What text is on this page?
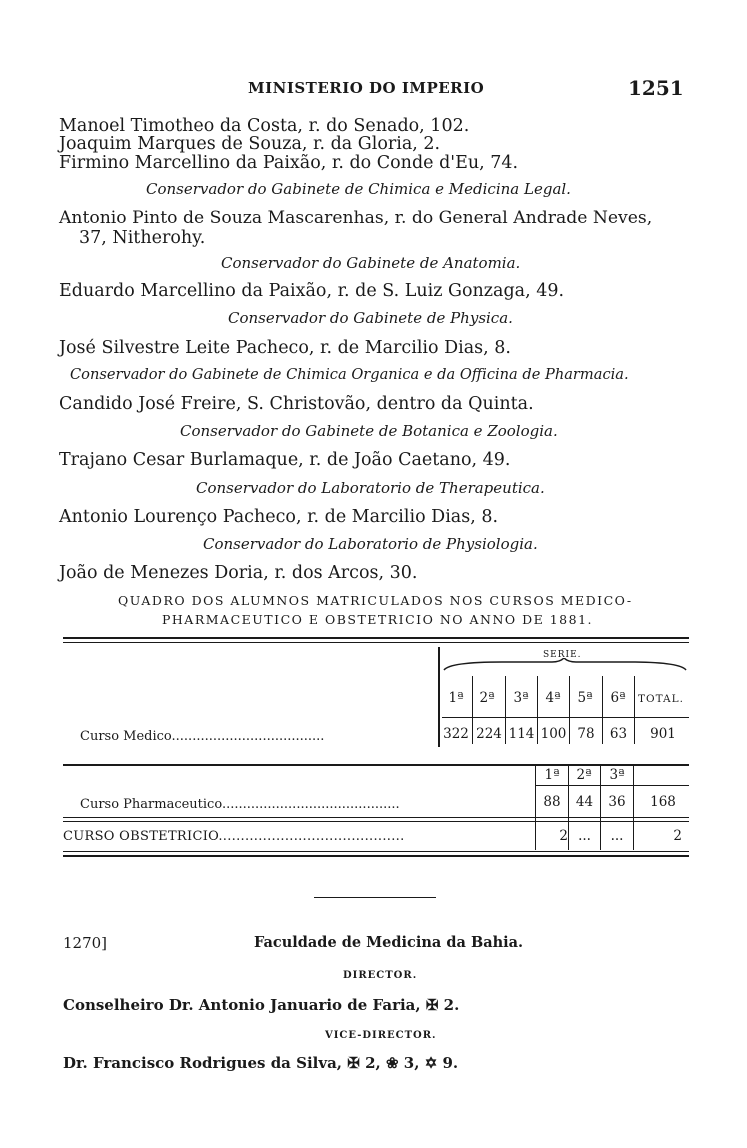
MINISTERIO DO IMPERIO	1251
Manoel Timotheo da Costa, r. do Senado, 102.
Joaquim Marques de Souza, r. da Gloria, 2.
Firmino Marcellino da Paixão, r. do Conde d'Eu, 74.
Conservador do Gabinete de Chimica e Medicina Legal.
Antonio Pinto de Souza Mascarenhas, r. do General Andrade Neves,
37, Nitherohy.
Conservador do Gabinete de Anatomia.
Eduardo Marcellino da Paixão, r. de S. Luiz Gonzaga, 49.
Conservador do Gabinete de Physica.
José Silvestre Leite Pacheco, r. de Marcilio Dias, 8.
Conservador do Gabinete de Chimica Organica e da Officina de Pharmacia.
Candido José Freire, S. Christovão, dentro da Quinta.
Conservador do Gabinete de Botanica e Zoologia.
Trajano Cesar Burlamaque, r. de João Caetano, 49.
Conservador do Laboratorio de Therapeutica.
Antonio Lourenço Pacheco, r. de Marcilio Dias, 8.
Conservador do Laboratorio de Physiologia.
João de Menezes Doria, r. dos Arcos, 30.
QUADRO DOS ALUMNOS MATRICULADOS NOS CURSOS MEDICO-
PHARMACEUTICO E OBSTETRICIO NO ANNO DE 1881.
SERIE.
1ª	2ª	3ª	4ª	5ª	6ª	TOTAL.
Curso Medico.....................................	322 224 114 100 78	63	901
1ª	2ª	3ª
Curso Pharmaceutico...........................................	88	44	36	168
CURSO OBSTETRICIO..........................................	2 ...	...	2
1270]	Faculdade de Medicina da Bahia.
DIRECTOR.
Conselheiro Dr. Antonio Januario de Faria, ✠ 2.
VICE-DIRECTOR.
Dr. Francisco Rodrigues da Silva, ✠ 2, ❀ 3, ✡ 9.
